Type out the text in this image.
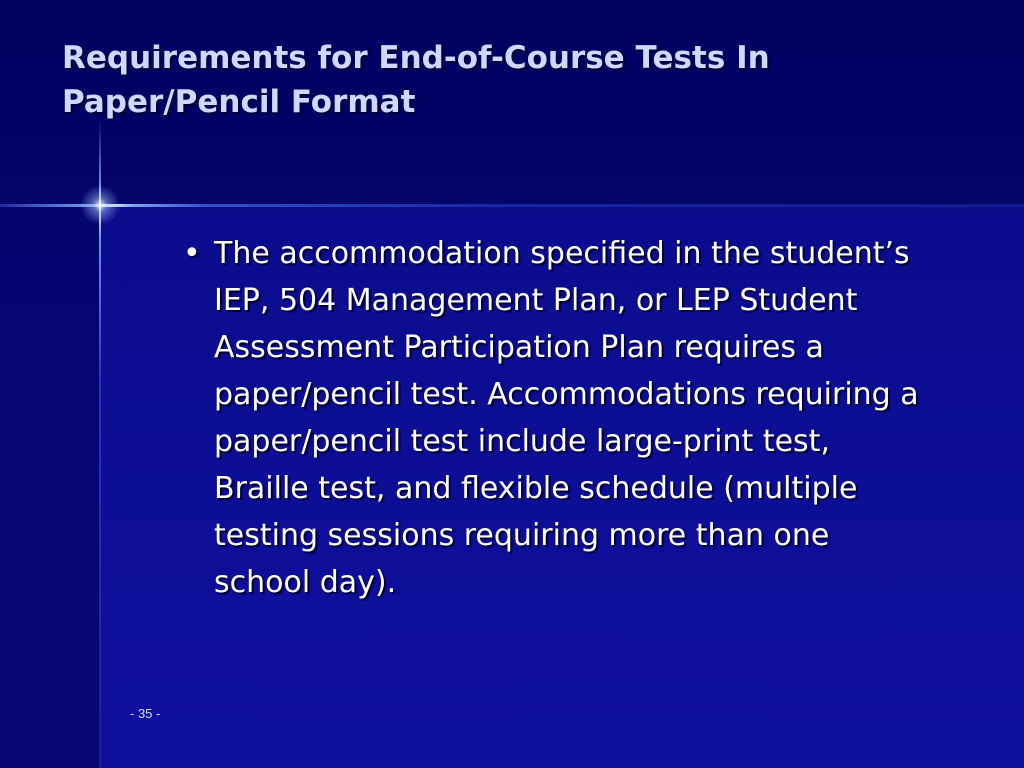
Requirements for End-of-Course Tests In Paper/Pencil Format
• The accommodation specified in the student’s IEP, 504 Management Plan, or LEP Student Assessment Participation Plan requires a paper/pencil test. Accommodations requiring a paper/pencil test include large-print test, Braille test, and flexible schedule (multiple testing sessions requiring more than one school day).
- 35 -
